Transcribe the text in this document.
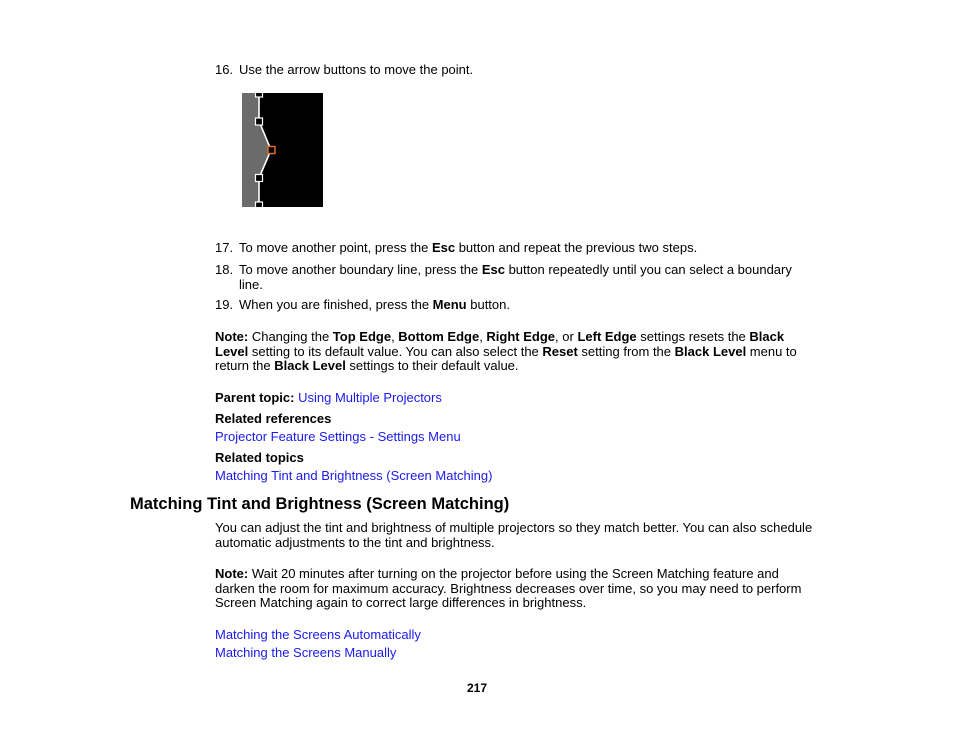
16. Use the arrow buttons to move the point.
17. To move another point, press the Esc button and repeat the previous two steps.
18. To move another boundary line, press the Esc button repeatedly until you can select a boundary line.
19. When you are finished, press the Menu button.

Note: Changing the Top Edge, Bottom Edge, Right Edge, or Left Edge settings resets the Black Level setting to its default value. You can also select the Reset setting from the Black Level menu to return the Black Level settings to their default value.

Parent topic: Using Multiple Projectors
Related references
Projector Feature Settings - Settings Menu
Related topics
Matching Tint and Brightness (Screen Matching)
Matching Tint and Brightness (Screen Matching)

You can adjust the tint and brightness of multiple projectors so they match better. You can also schedule automatic adjustments to the tint and brightness.

Note: Wait 20 minutes after turning on the projector before using the Screen Matching feature and darken the room for maximum accuracy. Brightness decreases over time, so you may need to perform Screen Matching again to correct large differences in brightness.

Matching the Screens Automatically
Matching the Screens Manually
217
